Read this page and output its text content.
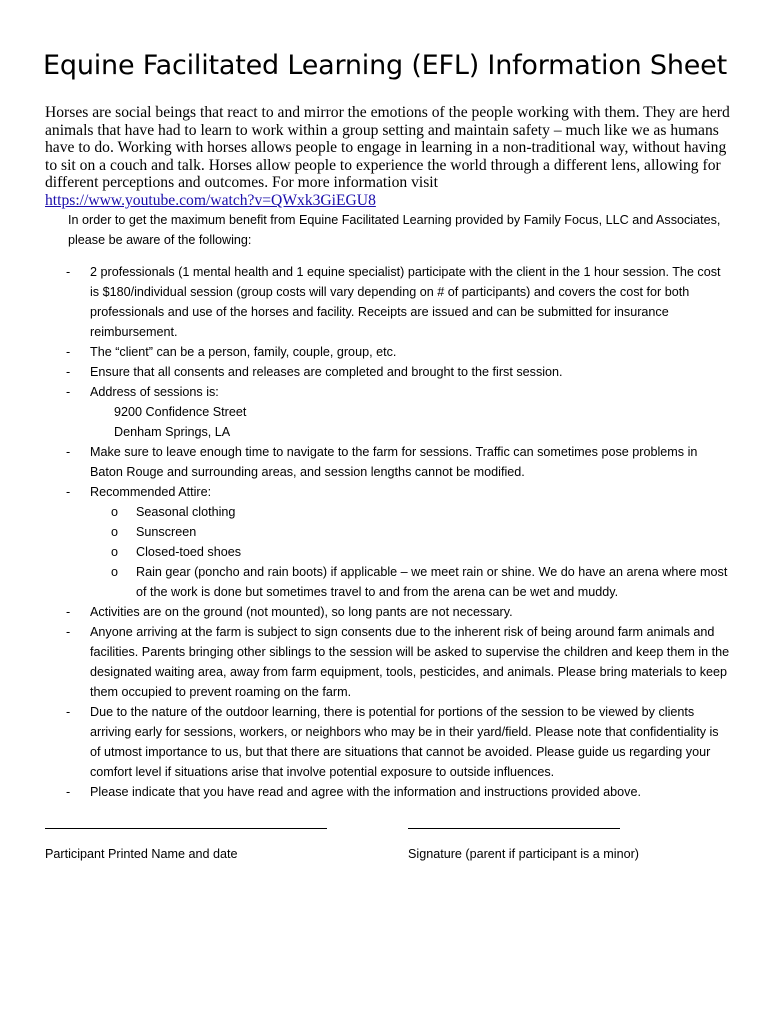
Equine Facilitated Learning (EFL) Information Sheet
Horses are social beings that react to and mirror the emotions of the people working with them. They are herd animals that have had to learn to work within a group setting and maintain safety – much like we as humans have to do. Working with horses allows people to engage in learning in a non-traditional way, without having to sit on a couch and talk. Horses allow people to experience the world through a different lens, allowing for different perceptions and outcomes. For more information visit
https://www.youtube.com/watch?v=QWxk3GiEGU8
In order to get the maximum benefit from Equine Facilitated Learning provided by Family Focus, LLC and Associates, please be aware of the following:
- 2 professionals (1 mental health and 1 equine specialist) participate with the client in the 1 hour session. The cost is $180/individual session (group costs will vary depending on # of participants) and covers the cost for both professionals and use of the horses and facility. Receipts are issued and can be submitted for insurance reimbursement.
- The “client” can be a person, family, couple, group, etc.
- Ensure that all consents and releases are completed and brought to the first session.
- Address of sessions is:
9200 Confidence Street
Denham Springs, LA
- Make sure to leave enough time to navigate to the farm for sessions. Traffic can sometimes pose problems in Baton Rouge and surrounding areas, and session lengths cannot be modified.
- Recommended Attire:
o Seasonal clothing
o Sunscreen
o Closed-toed shoes
o Rain gear (poncho and rain boots) if applicable – we meet rain or shine. We do have an arena where most of the work is done but sometimes travel to and from the arena can be wet and muddy.
- Activities are on the ground (not mounted), so long pants are not necessary.
- Anyone arriving at the farm is subject to sign consents due to the inherent risk of being around farm animals and facilities. Parents bringing other siblings to the session will be asked to supervise the children and keep them in the designated waiting area, away from farm equipment, tools, pesticides, and animals. Please bring materials to keep them occupied to prevent roaming on the farm.
- Due to the nature of the outdoor learning, there is potential for portions of the session to be viewed by clients arriving early for sessions, workers, or neighbors who may be in their yard/field. Please note that confidentiality is of utmost importance to us, but that there are situations that cannot be avoided. Please guide us regarding your comfort level if situations arise that involve potential exposure to outside influences.
- Please indicate that you have read and agree with the information and instructions provided above.
Participant Printed Name and date	Signature (parent if participant is a minor)
